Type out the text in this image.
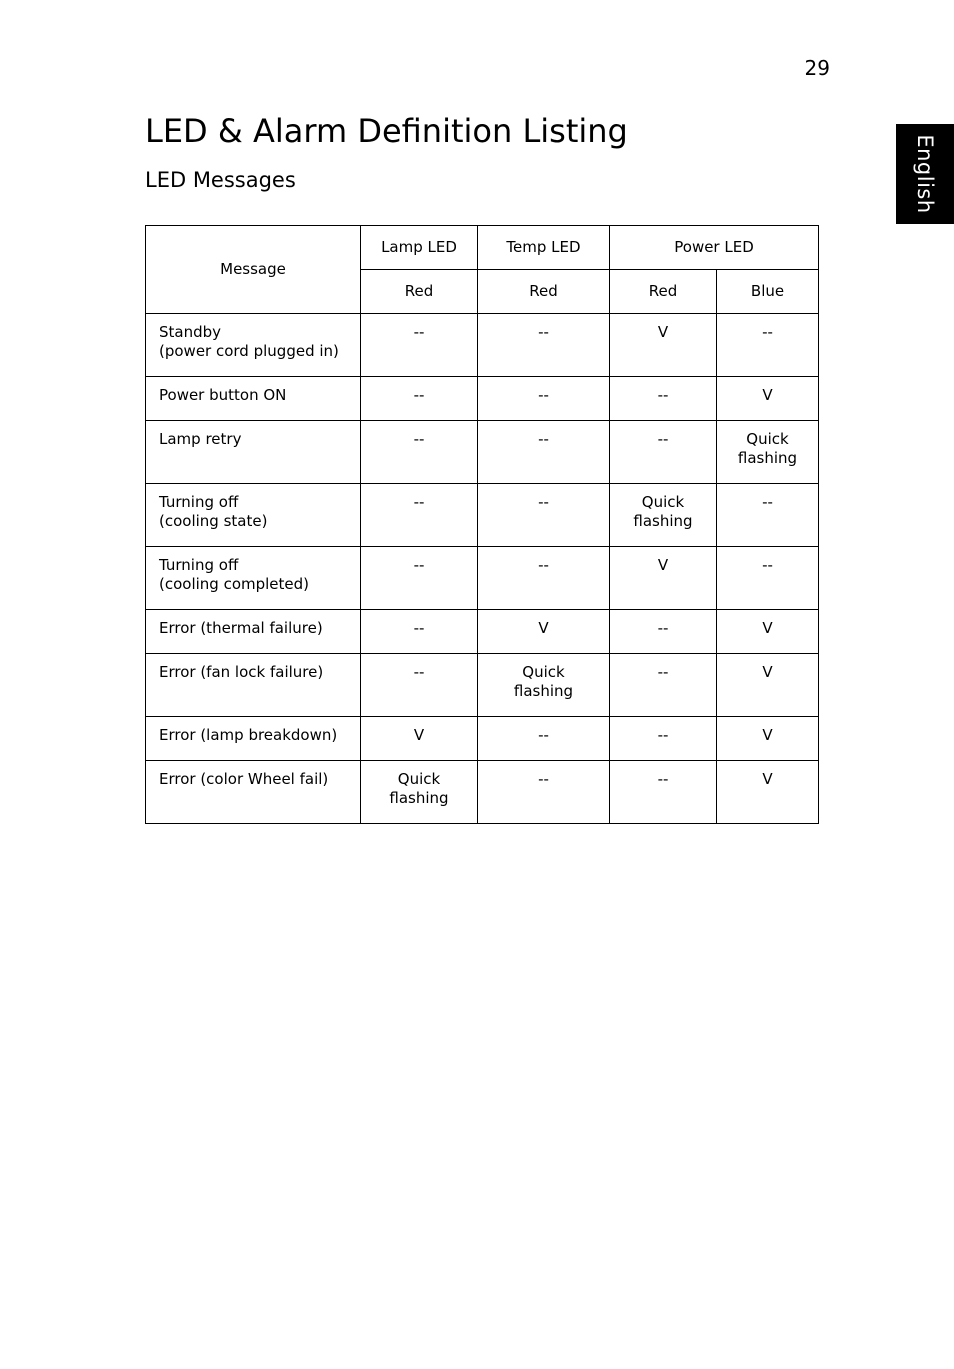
29
English
LED & Alarm Definition Listing
LED Messages
Message	Lamp LED	Temp LED	Power LED	
	Red	Red	Red	Blue

Standby
(power cord plugged in)	--	--	V	--

Power button ON	--	--	--	V

Lamp retry	--	--	--	Quick
flashing

Turning off
(cooling state)	--	--	Quick
flashing	--

Turning off
(cooling completed)	--	--	V	--

Error (thermal failure)	--	V	--	V

Error (fan lock failure)	--	Quick
flashing	--	V

Error (lamp breakdown)	V	--	--	V

Error (color Wheel fail)	Quick
flashing	--	--	V
